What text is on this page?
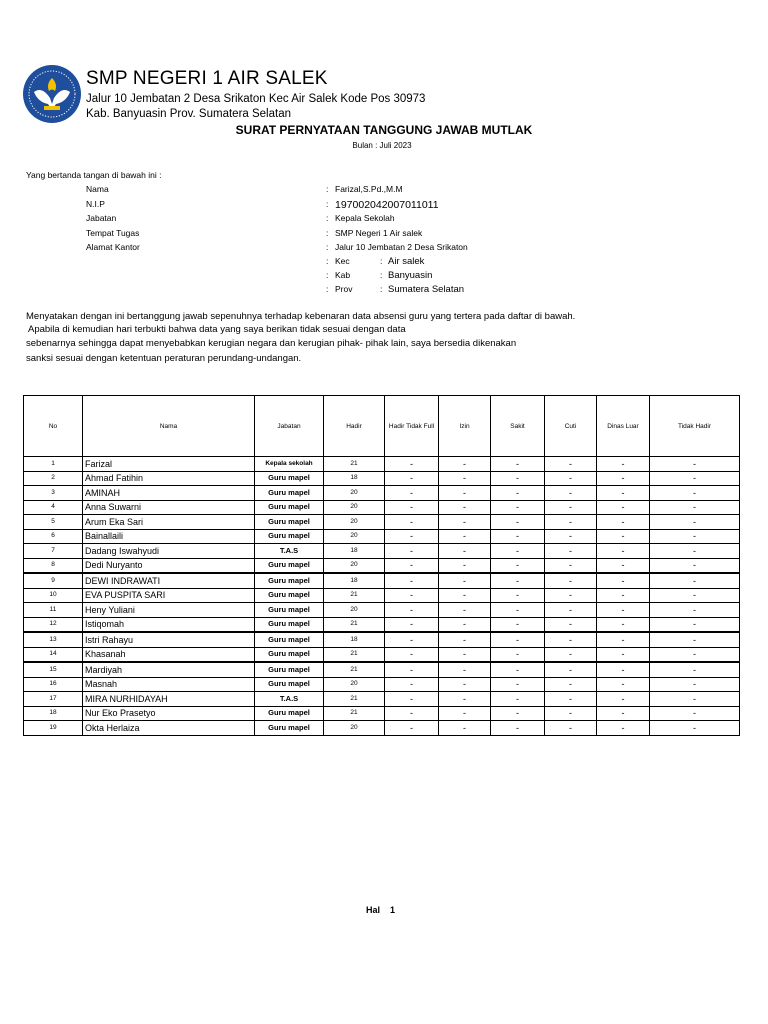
SMP NEGERI 1 AIR SALEK
Jalur 10 Jembatan 2 Desa Srikaton Kec Air Salek Kode Pos 30973
Kab. Banyuasin Prov. Sumatera Selatan
SURAT PERNYATAAN TANGGUNG JAWAB MUTLAK
Bulan : Juli 2023
Yang bertanda tangan di bawah ini :
Nama	: Farizal,S.Pd.,M.M
N.I.P	: 197002042007011011
Jabatan	: Kepala Sekolah
Tempat Tugas	: SMP Negeri 1 Air salek
Alamat Kantor	: Jalur 10 Jembatan 2 Desa Srikaton
: Kec	: Air salek
: Kab	: Banyuasin
: Prov	: Sumatera Selatan
Menyatakan dengan ini bertanggung jawab sepenuhnya terhadap kebenaran data absensi guru yang tertera pada daftar di bawah.
Apabila di kemudian hari terbukti bahwa data yang saya berikan tidak sesuai dengan data
sebenarnya sehingga dapat menyebabkan kerugian negara dan kerugian pihak- pihak lain, saya bersedia dikenakan
sanksi sesuai dengan ketentuan peraturan perundang-undangan.
No	Nama	Jabatan	Hadir	Hadir Tidak Full	Izin	Sakit	Cuti	Dinas Luar	Tidak Hadir
1	Farizal	Kepala sekolah	21	-	-	-	-	-	-
2	Ahmad Fatihin	Guru mapel	18	-	-	-	-	-	-
3	AMINAH	Guru mapel	20	-	-	-	-	-	-
4	Anna Suwarni	Guru mapel	20	-	-	-	-	-	-
5	Arum Eka Sari	Guru mapel	20	-	-	-	-	-	-
6	Bainallaili	Guru mapel	20	-	-	-	-	-	-
7	Dadang Iswahyudi	T.A.S	18	-	-	-	-	-	-
8	Dedi Nuryanto	Guru mapel	20	-	-	-	-	-	-
9	DEWI INDRAWATI	Guru mapel	18	-	-	-	-	-	-
10	EVA PUSPITA SARI	Guru mapel	21	-	-	-	-	-	-
11	Heny Yuliani	Guru mapel	20	-	-	-	-	-	-
12	Istiqomah	Guru mapel	21	-	-	-	-	-	-
13	Istri Rahayu	Guru mapel	18	-	-	-	-	-	-
14	Khasanah	Guru mapel	21	-	-	-	-	-	-
15	Mardiyah	Guru mapel	21	-	-	-	-	-	-
16	Masnah	Guru mapel	20	-	-	-	-	-	-
17	MIRA NURHIDAYAH	T.A.S	21	-	-	-	-	-	-
18	Nur Eko Prasetyo	Guru mapel	21	-	-	-	-	-	-
19	Okta Herlaiza	Guru mapel	20	-	-	-	-	-	-
Hal 1
